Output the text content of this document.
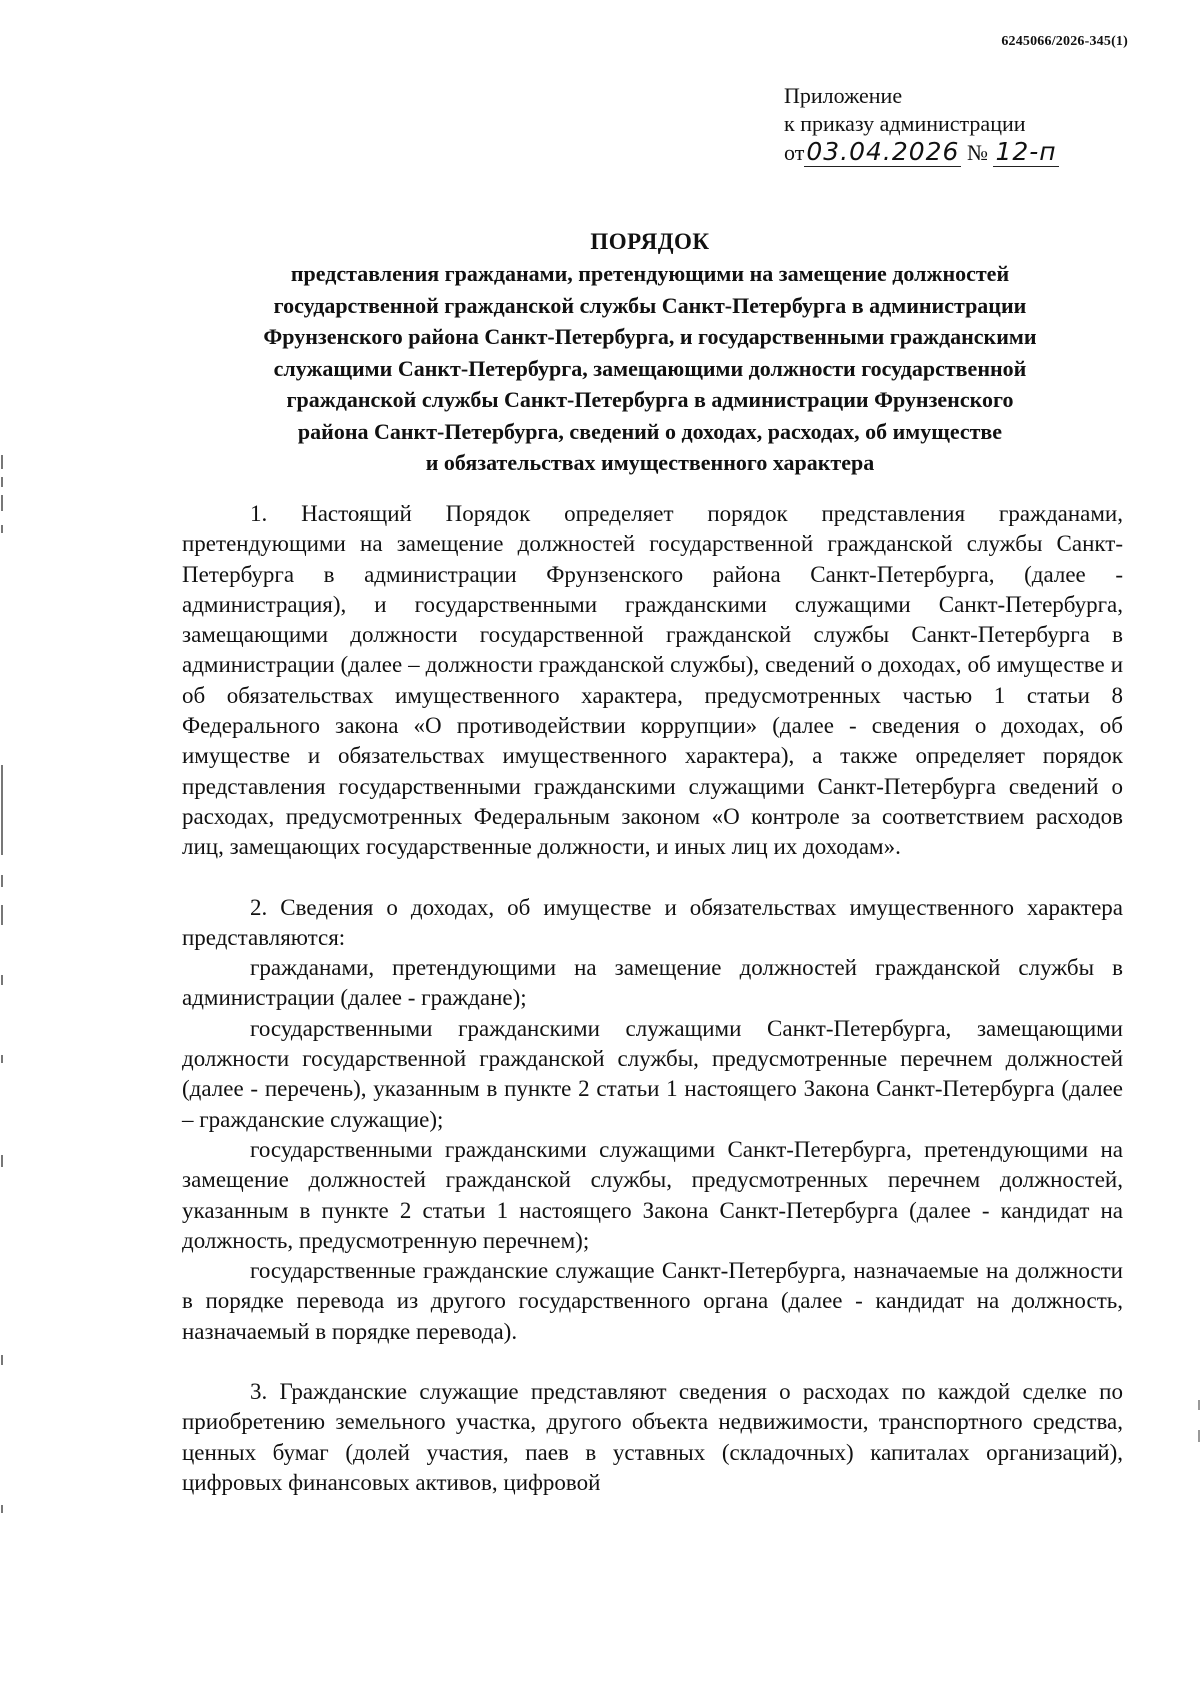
6245066/2026-345(1)
Приложение
к приказу администрации
от03.04.2026 № 12-п
ПОРЯДОК
представления гражданами, претендующими на замещение должностей
государственной гражданской службы Санкт-Петербурга в администрации
Фрунзенского района Санкт-Петербурга, и государственными гражданскими
служащими Санкт-Петербурга, замещающими должности государственной
гражданской службы Санкт-Петербурга в администрации Фрунзенского
района Санкт-Петербурга, сведений о доходах, расходах, об имуществе
и обязательствах имущественного характера

1. Настоящий Порядок определяет порядок представления гражданами, претендующими на замещение должностей государственной гражданской службы Санкт-Петербурга в администрации Фрунзенского района Санкт-Петербурга, (далее - администрация), и государственными гражданскими служащими Санкт-Петербурга, замещающими должности государственной гражданской службы Санкт-Петербурга в администрации (далее – должности гражданской службы), сведений о доходах, об имуществе и об обязательствах имущественного характера, предусмотренных частью 1 статьи 8 Федерального закона «О противодействии коррупции» (далее - сведения о доходах, об имуществе и обязательствах имущественного характера), а также определяет порядок представления государственными гражданскими служащими Санкт-Петербурга сведений о расходах, предусмотренных Федеральным законом «О контроле за соответствием расходов лиц, замещающих государственные должности, и иных лиц их доходам».

2. Сведения о доходах, об имуществе и обязательствах имущественного характера представляются:

гражданами, претендующими на замещение должностей гражданской службы в администрации (далее - граждане);

государственными гражданскими служащими Санкт-Петербурга, замещающими должности государственной гражданской службы, предусмотренные перечнем должностей (далее - перечень), указанным в пункте 2 статьи 1 настоящего Закона Санкт-Петербурга (далее – гражданские служащие);

государственными гражданскими служащими Санкт-Петербурга, претендующими на замещение должностей гражданской службы, предусмотренных перечнем должностей, указанным в пункте 2 статьи 1 настоящего Закона Санкт-Петербурга (далее - кандидат на должность, предусмотренную перечнем);

государственные гражданские служащие Санкт-Петербурга, назначаемые на должности в порядке перевода из другого государственного органа (далее - кандидат на должность, назначаемый в порядке перевода).

3. Гражданские служащие представляют сведения о расходах по каждой сделке по приобретению земельного участка, другого объекта недвижимости, транспортного средства, ценных бумаг (долей участия, паев в уставных (складочных) капиталах организаций), цифровых финансовых активов, цифровой
